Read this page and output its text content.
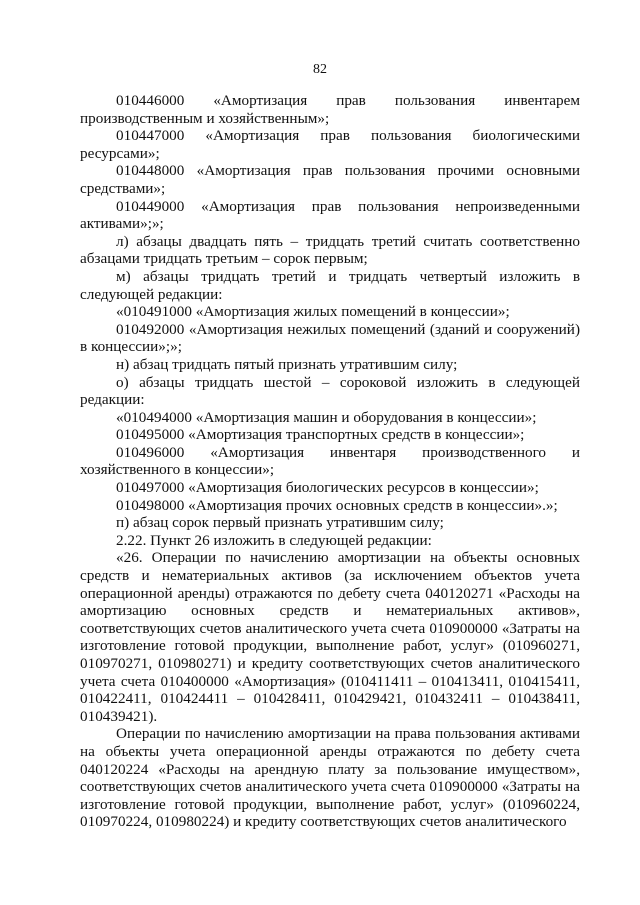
82

010446000 «Амортизация прав пользования инвентарем производственным и хозяйственным»;

010447000 «Амортизация прав пользования биологическими ресурсами»;

010448000 «Амортизация прав пользования прочими основными средствами»;

010449000 «Амортизация прав пользования непроизведенными активами»;»;

л) абзацы двадцать пять – тридцать третий считать соответственно абзацами тридцать третьим – сорок первым;

м) абзацы тридцать третий и тридцать четвертый изложить в следующей редакции:

«010491000 «Амортизация жилых помещений в концессии»;

010492000 «Амортизация нежилых помещений (зданий и сооружений) в концессии»;»;

н) абзац тридцать пятый признать утратившим силу;

о) абзацы тридцать шестой – сороковой изложить в следующей редакции:

«010494000 «Амортизация машин и оборудования в концессии»;

010495000 «Амортизация транспортных средств в концессии»;

010496000 «Амортизация инвентаря производственного и хозяйственного в концессии»;

010497000 «Амортизация биологических ресурсов в концессии»;

010498000 «Амортизация прочих основных средств в концессии».»;

п) абзац сорок первый признать утратившим силу;

2.22. Пункт 26 изложить в следующей редакции:

«26. Операции по начислению амортизации на объекты основных средств и нематериальных активов (за исключением объектов учета операционной аренды) отражаются по дебету счета 040120271 «Расходы на амортизацию основных средств и нематериальных активов», соответствующих счетов аналитического учета счета 010900000 «Затраты на изготовление готовой продукции, выполнение работ, услуг» (010960271, 010970271, 010980271) и кредиту соответствующих счетов аналитического учета счета 010400000 «Амортизация» (010411411 – 010413411, 010415411, 010422411, 010424411 – 010428411, 010429421, 010432411 – 010438411, 010439421).

Операции по начислению амортизации на права пользования активами на объекты учета операционной аренды отражаются по дебету счета 040120224 «Расходы на арендную плату за пользование имуществом», соответствующих счетов аналитического учета счета 010900000 «Затраты на изготовление готовой продукции, выполнение работ, услуг» (010960224, 010970224, 010980224) и кредиту соответствующих счетов аналитического
